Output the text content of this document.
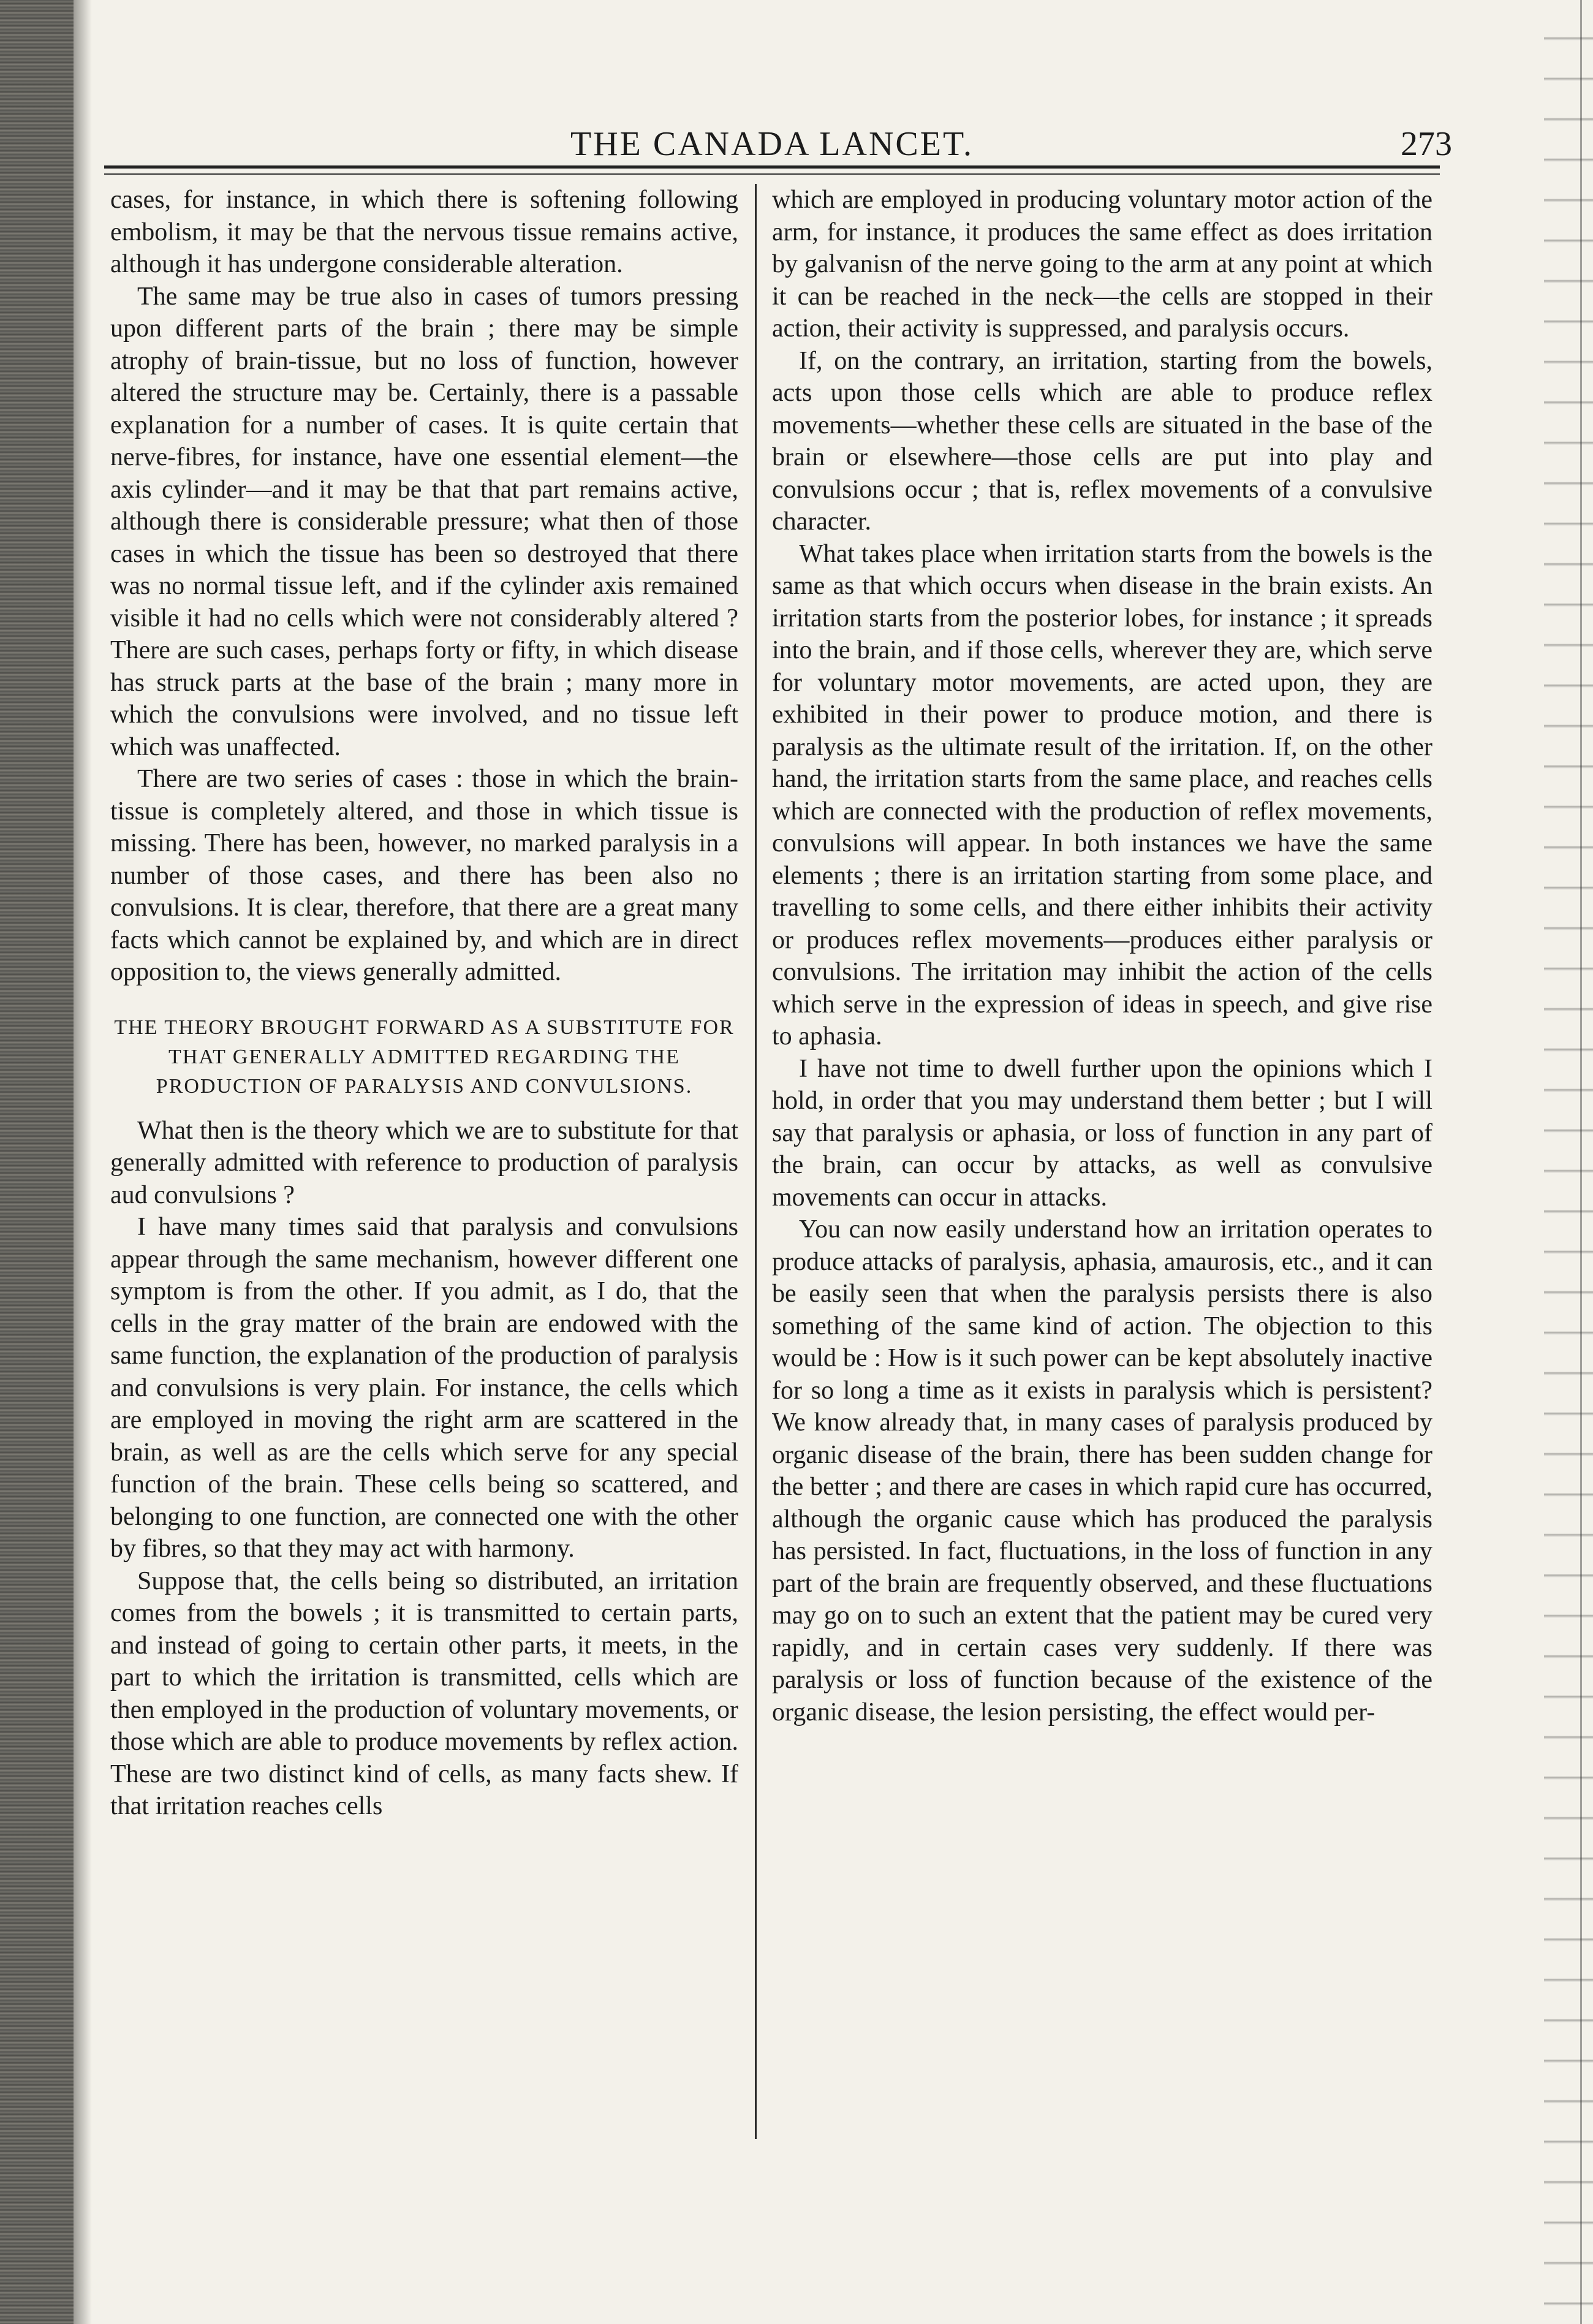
THE CANADA LANCET.	273

cases, for instance, in which there is softening following embolism, it may be that the nervous tissue remains active, although it has undergone considerable alteration.

The same may be true also in cases of tumors pressing upon different parts of the brain ; there may be simple atrophy of brain-tissue, but no loss of function, however altered the structure may be. Certainly, there is a passable explanation for a number of cases. It is quite certain that nerve-fibres, for instance, have one essential element—the axis cylinder—and it may be that that part remains active, although there is considerable pressure; what then of those cases in which the tissue has been so destroyed that there was no normal tissue left, and if the cylinder axis remained visible it had no cells which were not considerably altered ? There are such cases, perhaps forty or fifty, in which disease has struck parts at the base of the brain ; many more in which the convulsions were involved, and no tissue left which was unaffected.

There are two series of cases : those in which the brain-tissue is completely altered, and those in which tissue is missing. There has been, however, no marked paralysis in a number of those cases, and there has been also no convulsions. It is clear, therefore, that there are a great many facts which cannot be explained by, and which are in direct opposition to, the views generally admitted.

THE THEORY BROUGHT FORWARD AS A SUBSTITUTE FOR THAT GENERALLY ADMITTED REGARDING THE PRODUCTION OF PARALYSIS AND CONVULSIONS.

What then is the theory which we are to substitute for that generally admitted with reference to production of paralysis aud convulsions ?

I have many times said that paralysis and convulsions appear through the same mechanism, however different one symptom is from the other. If you admit, as I do, that the cells in the gray matter of the brain are endowed with the same function, the explanation of the production of paralysis and convulsions is very plain. For instance, the cells which are employed in moving the right arm are scattered in the brain, as well as are the cells which serve for any special function of the brain. These cells being so scattered, and belonging to one function, are connected one with the other by fibres, so that they may act with harmony.

Suppose that, the cells being so distributed, an irritation comes from the bowels ; it is transmitted to certain parts, and instead of going to certain other parts, it meets, in the part to which the irritation is transmitted, cells which are then employed in the production of voluntary movements, or those which are able to produce movements by reflex action. These are two distinct kind of cells, as many facts shew. If that irritation reaches cells

which are employed in producing voluntary motor action of the arm, for instance, it produces the same effect as does irritation by galvanisn of the nerve going to the arm at any point at which it can be reached in the neck—the cells are stopped in their action, their activity is suppressed, and paralysis occurs.

If, on the contrary, an irritation, starting from the bowels, acts upon those cells which are able to produce reflex movements—whether these cells are situated in the base of the brain or elsewhere—those cells are put into play and convulsions occur ; that is, reflex movements of a convulsive character.

What takes place when irritation starts from the bowels is the same as that which occurs when disease in the brain exists. An irritation starts from the posterior lobes, for instance ; it spreads into the brain, and if those cells, wherever they are, which serve for voluntary motor movements, are acted upon, they are exhibited in their power to produce motion, and there is paralysis as the ultimate result of the irritation. If, on the other hand, the irritation starts from the same place, and reaches cells which are connected with the production of reflex movements, convulsions will appear. In both instances we have the same elements ; there is an irritation starting from some place, and travelling to some cells, and there either inhibits their activity or produces reflex movements—produces either paralysis or convulsions. The irritation may inhibit the action of the cells which serve in the expression of ideas in speech, and give rise to aphasia.

I have not time to dwell further upon the opinions which I hold, in order that you may understand them better ; but I will say that paralysis or aphasia, or loss of function in any part of the brain, can occur by attacks, as well as convulsive movements can occur in attacks.

You can now easily understand how an irritation operates to produce attacks of paralysis, aphasia, amaurosis, etc., and it can be easily seen that when the paralysis persists there is also something of the same kind of action. The objection to this would be : How is it such power can be kept absolutely inactive for so long a time as it exists in paralysis which is persistent? We know already that, in many cases of paralysis produced by organic disease of the brain, there has been sudden change for the better ; and there are cases in which rapid cure has occurred, although the organic cause which has produced the paralysis has persisted. In fact, fluctuations, in the loss of function in any part of the brain are frequently observed, and these fluctuations may go on to such an extent that the patient may be cured very rapidly, and in certain cases very suddenly. If there was paralysis or loss of function because of the existence of the organic disease, the lesion persisting, the effect would per-
